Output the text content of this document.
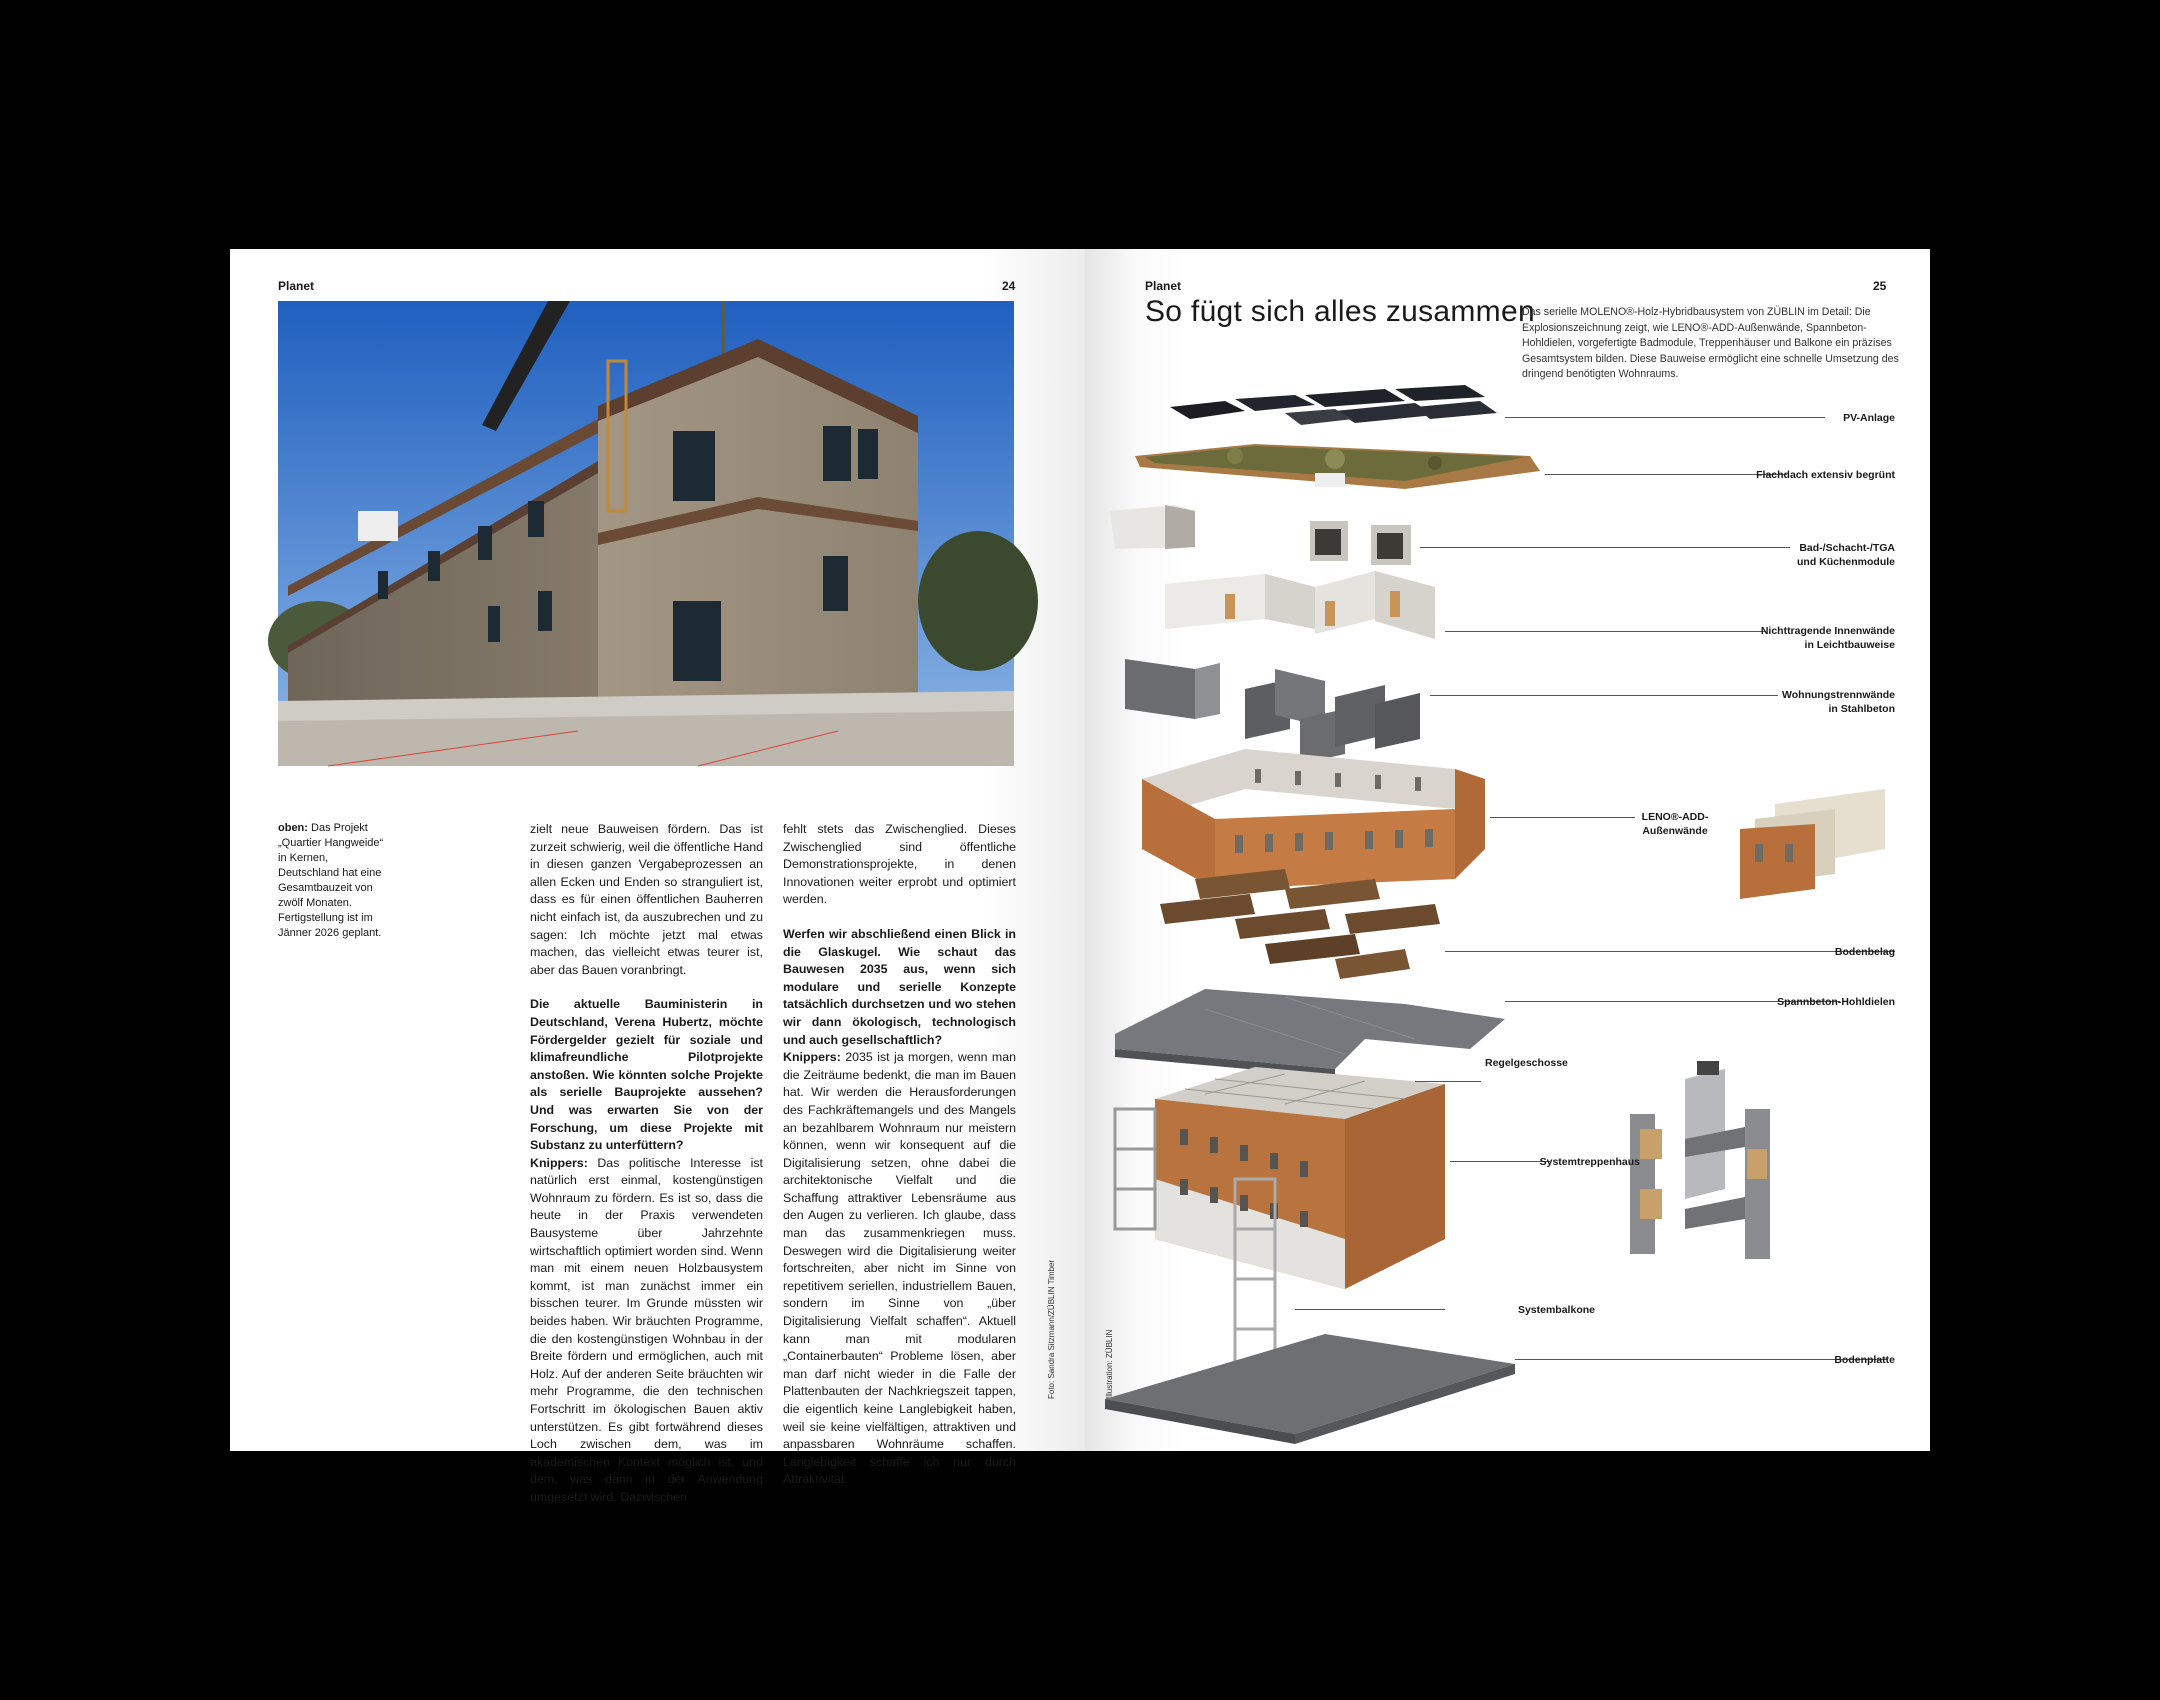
Planet	24
oben: Das Projekt „Quartier Hangweide“ in Kernen, Deutschland hat eine Gesamtbauzeit von zwölf Monaten. Fertigstellung ist im Jänner 2026 geplant.

zielt neue Bauweisen fördern. Das ist zurzeit schwierig, weil die öffentliche Hand in diesen ganzen Vergabeprozessen an allen Ecken und Enden so stranguliert ist, dass es für einen öffentlichen Bauherren nicht einfach ist, da auszubrechen und zu sagen: Ich möchte jetzt mal etwas machen, das vielleicht etwas teurer ist, aber das Bauen voranbringt.

Die aktuelle Bauministerin in Deutschland, Verena Hubertz, möchte Fördergelder gezielt für soziale und klimafreundliche Pilotprojekte anstoßen. Wie könnten solche Projekte als serielle Bauprojekte aussehen? Und was erwarten Sie von der Forschung, um diese Projekte mit Substanz zu unterfüttern?
Knippers: Das politische Interesse ist natürlich erst einmal, kostengünstigen Wohnraum zu fördern. Es ist so, dass die heute in der Praxis verwendeten Bausysteme über Jahrzehnte wirtschaftlich optimiert worden sind. Wenn man mit einem neuen Holzbausystem kommt, ist man zunächst immer ein bisschen teurer. Im Grunde müssten wir beides haben. Wir bräuchten Programme, die den kostengünstigen Wohnbau in der Breite fördern und ermöglichen, auch mit Holz. Auf der anderen Seite bräuchten wir mehr Programme, die den technischen Fortschritt im ökologischen Bauen aktiv unterstützen. Es gibt fortwährend dieses Loch zwischen dem, was im akademischen Kontext möglich ist, und dem, was dann in der Anwendung umgesetzt wird. Dazwischen

fehlt stets das Zwischenglied. Dieses Zwischenglied sind öffentliche Demonstrationsprojekte, in denen Innovationen weiter erprobt und optimiert werden.

Werfen wir abschließend einen Blick in die Glaskugel. Wie schaut das Bauwesen 2035 aus, wenn sich modulare und serielle Konzepte tatsächlich durchsetzen und wo stehen wir dann ökologisch, technologisch und auch gesellschaftlich?
Knippers: 2035 ist ja morgen, wenn man die Zeiträume bedenkt, die man im Bauen hat. Wir werden die Herausforderungen des Fachkräftemangels und des Mangels an bezahlbarem Wohnraum nur meistern können, wenn wir konsequent auf die Digitalisierung setzen, ohne dabei die architektonische Vielfalt und die Schaffung attraktiver Lebensräume aus den Augen zu verlieren. Ich glaube, dass man das zusammenkriegen muss. Deswegen wird die Digitalisierung weiter fortschreiten, aber nicht im Sinne von repetitivem seriellen, industriellem Bauen, sondern im Sinne von „über Digitalisierung Vielfalt schaffen“. Aktuell kann man mit modularen „Containerbauten“ Probleme lösen, aber man darf nicht wieder in die Falle der Plattenbauten der Nachkriegszeit tappen, die eigentlich keine Langlebigkeit haben, weil sie keine vielfältigen, attraktiven und anpassbaren Wohnräume schaffen. Langlebigkeit schaffe ich nur durch Attraktivität.

Foto: Sandra Sitzmann/ZÜBLIN Timber
Planet	25
So fügt sich alles zusammen
Das serielle MOLENO®-Holz-Hybridbausystem von ZÜBLIN im Detail: Die Explosionszeichnung zeigt, wie LENO®-ADD-Außenwände, Spannbeton-Hohldielen, vorgefertigte Badmodule, Treppenhäuser und Balkone ein präzises Gesamtsystem bilden. Diese Bauweise ermöglicht eine schnelle Umsetzung des dringend benötigten Wohnraums.
Illustration: ZÜBLIN
PV-Anlage
Flachdach extensiv begrünt
Bad-/Schacht-/TGA
und Küchenmodule
Nichttragende Innenwände
in Leichtbauweise
Wohnungstrennwände
in Stahlbeton
LENO®-ADD-
Außenwände
Bodenbelag
Spannbeton-Hohldielen
Regelgeschosse
Systemtreppenhaus
Systembalkone
Bodenplatte
